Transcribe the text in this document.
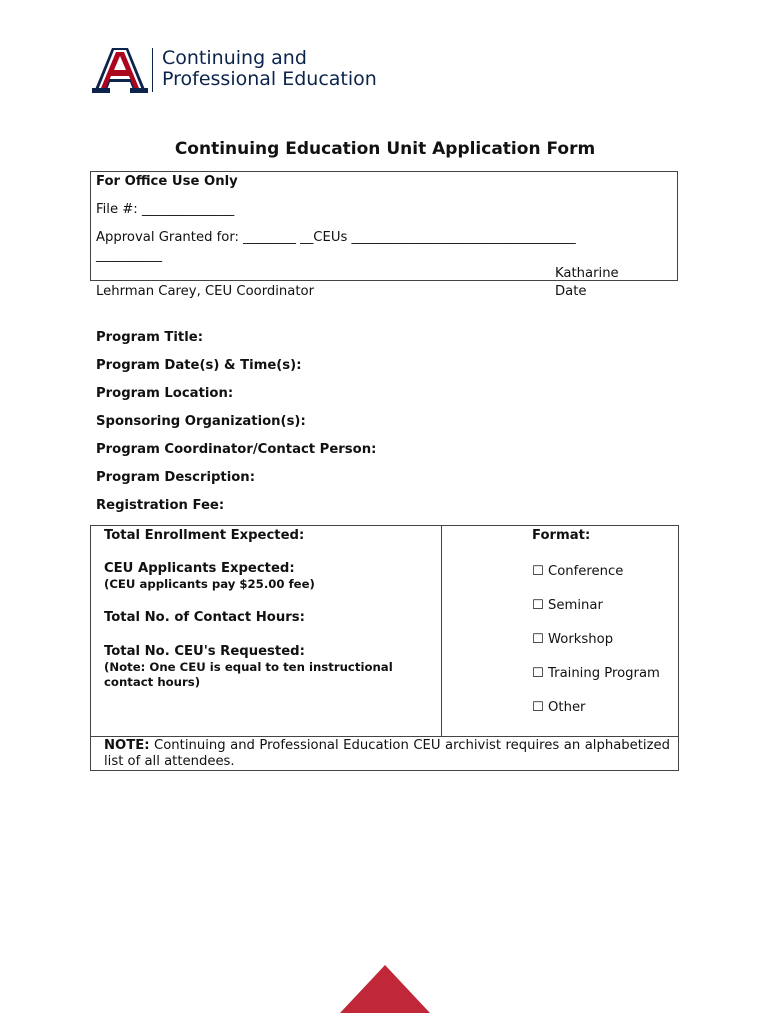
Continuing and
Professional Education
Continuing Education Unit Application Form
For Office Use Only
File #: ______________
Approval Granted for: ________ __CEUs __________________________________
__________
Katharine
Lehrman Carey, CEU Coordinator	Date
Program Title:
Program Date(s) & Time(s):
Program Location:
Sponsoring Organization(s):
Program Coordinator/Contact Person:
Program Description:
Registration Fee:
Total Enrollment Expected:
CEU Applicants Expected:
(CEU applicants pay $25.00 fee)
Total No. of Contact Hours:
Total No. CEU's Requested:
(Note: One CEU is equal to ten instructional contact hours)
Format:
☐ Conference
☐ Seminar
☐ Workshop
☐ Training Program
☐ Other
NOTE: Continuing and Professional Education CEU archivist requires an alphabetized list of all attendees.
